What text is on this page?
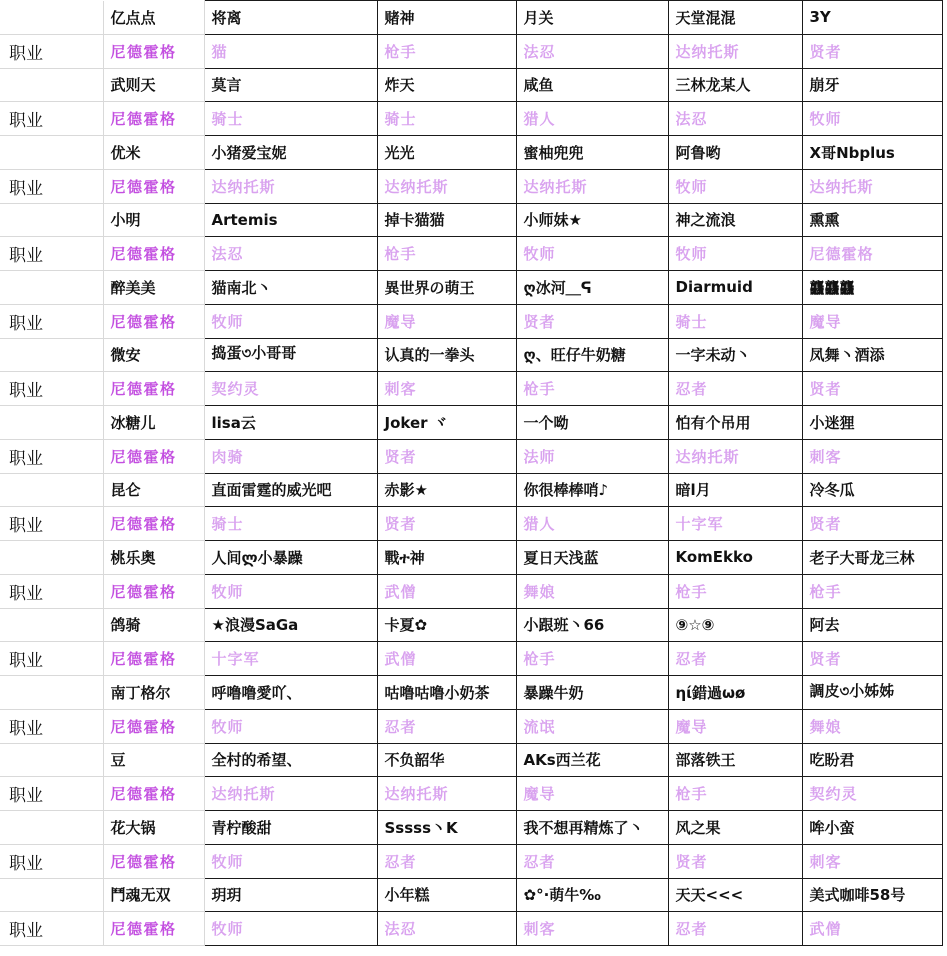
	亿点点	将离	赌神	月关	天堂混混	3Y
职业	尼德霍格	猫	枪手	法忍	达纳托斯	贤者
	武则天	莫言	炸天	咸鱼	三林龙某人	崩牙
职业	尼德霍格	骑士	骑士	猎人	法忍	牧师
	优米	小猪爱宝妮	光光	蜜柚兜兜	阿鲁哟	X哥Nbplus
职业	尼德霍格	达纳托斯	达纳托斯	达纳托斯	牧师	达纳托斯
	小明	Artemis	掉卡猫猫	小师妹★	神之流浪	熏熏
职业	尼德霍格	法忍	枪手	牧师	牧师	尼德霍格
	醉美美	猫南北丶	異世界の萌王	ღ冰河＿ᕋ	Diarmuid	龘龘龘
职业	尼德霍格	牧师	魔导	贤者	骑士	魔导
	微安	捣蛋৩小哥哥	认真的一拳头	ღ、旺仔牛奶糖	一字未动丶	凤舞丶酒添
职业	尼德霍格	契约灵	刺客	枪手	忍者	贤者
	冰糖儿	lisa云	Joker ヾ	一个呦	怕有个吊用	小迷狸
职业	尼德霍格	肉骑	贤者	法师	达纳托斯	刺客
	昆仑	直面雷霆的威光吧	赤影★	你很棒棒哨♪	暗l月	冷冬瓜
职业	尼德霍格	骑士	贤者	猎人	十字军	贤者
	桃乐奥	人间ლ小暴躁	戰ተ神	夏日天浅蓝	KomEkko	老子大哥龙三林
职业	尼德霍格	牧师	武僧	舞娘	枪手	枪手
	鸽骑	★浪漫SaGa	卡夏✿	小跟班丶66	⑨☆⑨	阿去
职业	尼德霍格	十字军	武僧	枪手	忍者	贤者
	南丁格尔	呼噜噜愛吖、	咕噜咕噜小奶茶	暴躁牛奶	ηί錯過ωø	調皮৩小姊姊
职业	尼德霍格	牧师	忍者	流氓	魔导	舞娘
	豆	全村的希望、	不负韶华	AKs西兰花	部落铁王	吃盼君
职业	尼德霍格	达纳托斯	达纳托斯	魔导	枪手	契约灵
	花大锅	青柠酸甜	Sssss丶K	我不想再精炼了丶	风之果	哞小蛮
职业	尼德霍格	牧师	忍者	忍者	贤者	刺客
	鬥魂无双	玥玥	小年糕	✿°·萌牛‰	天天<<<	美式咖啡58号
职业	尼德霍格	牧师	法忍	刺客	忍者	武僧
